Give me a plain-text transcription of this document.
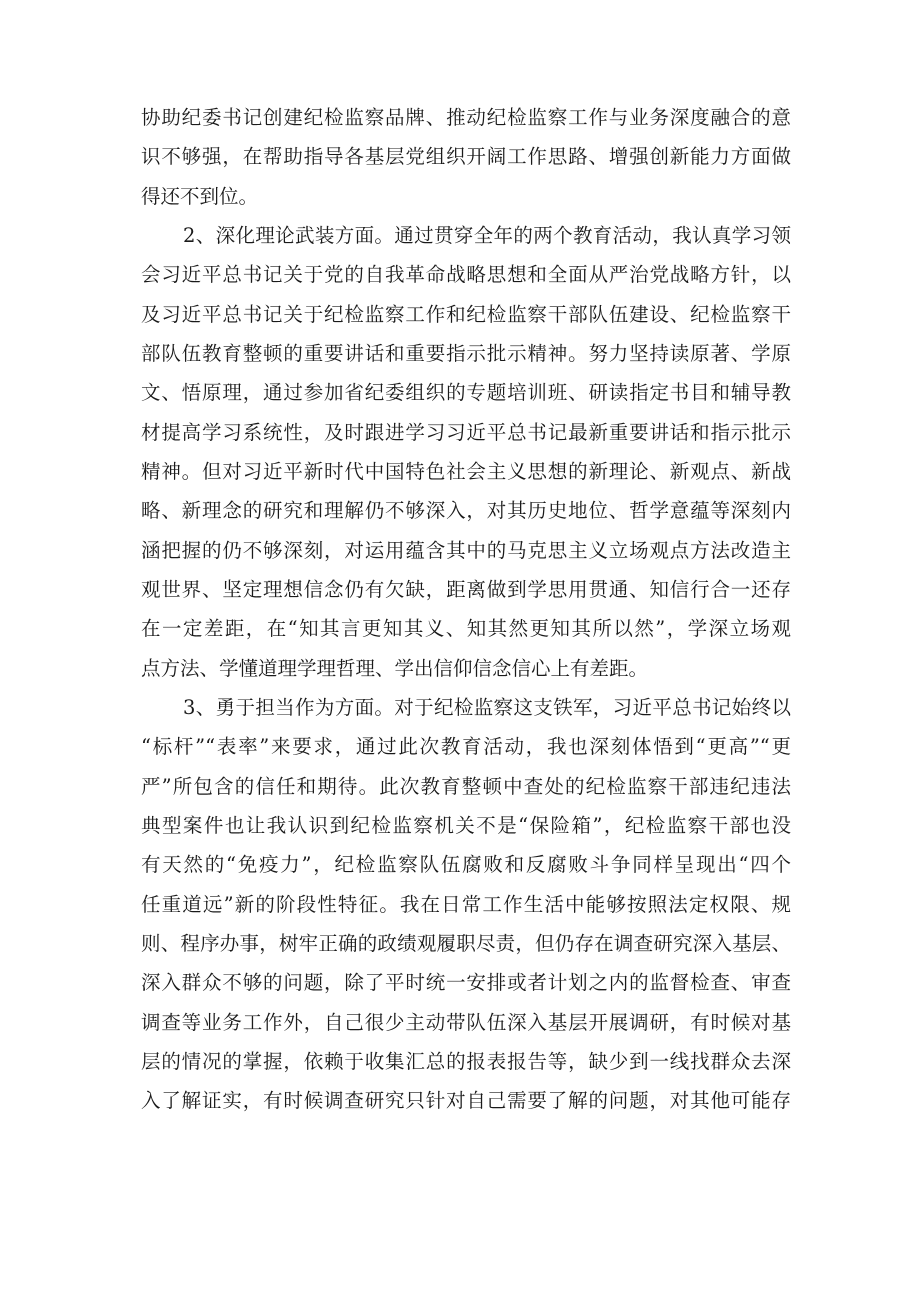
协助纪委书记创建纪检监察品牌、推动纪检监察工作与业务深度融合的意
识不够强，在帮助指导各基层党组织开阔工作思路、增强创新能力方面做
得还不到位。
2、深化理论武装方面。通过贯穿全年的两个教育活动，我认真学习领
会习近平总书记关于党的自我革命战略思想和全面从严治党战略方针，以
及习近平总书记关于纪检监察工作和纪检监察干部队伍建设、纪检监察干
部队伍教育整顿的重要讲话和重要指示批示精神。努力坚持读原著、学原
文、悟原理，通过参加省纪委组织的专题培训班、研读指定书目和辅导教
材提高学习系统性，及时跟进学习习近平总书记最新重要讲话和指示批示
精神。但对习近平新时代中国特色社会主义思想的新理论、新观点、新战
略、新理念的研究和理解仍不够深入，对其历史地位、哲学意蕴等深刻内
涵把握的仍不够深刻，对运用蕴含其中的马克思主义立场观点方法改造主
观世界、坚定理想信念仍有欠缺，距离做到学思用贯通、知信行合一还存
在一定差距，在“知其言更知其义、知其然更知其所以然”，学深立场观
点方法、学懂道理学理哲理、学出信仰信念信心上有差距。
3、勇于担当作为方面。对于纪检监察这支铁军，习近平总书记始终以
“标杆”“表率”来要求，通过此次教育活动，我也深刻体悟到“更高”“更
严”所包含的信任和期待。此次教育整顿中查处的纪检监察干部违纪违法
典型案件也让我认识到纪检监察机关不是“保险箱”，纪检监察干部也没
有天然的“免疫力”，纪检监察队伍腐败和反腐败斗争同样呈现出“四个
任重道远”新的阶段性特征。我在日常工作生活中能够按照法定权限、规
则、程序办事，树牢正确的政绩观履职尽责，但仍存在调查研究深入基层、
深入群众不够的问题，除了平时统一安排或者计划之内的监督检查、审查
调查等业务工作外，自己很少主动带队伍深入基层开展调研，有时候对基
层的情况的掌握，依赖于收集汇总的报表报告等，缺少到一线找群众去深
入了解证实，有时候调查研究只针对自己需要了解的问题，对其他可能存
